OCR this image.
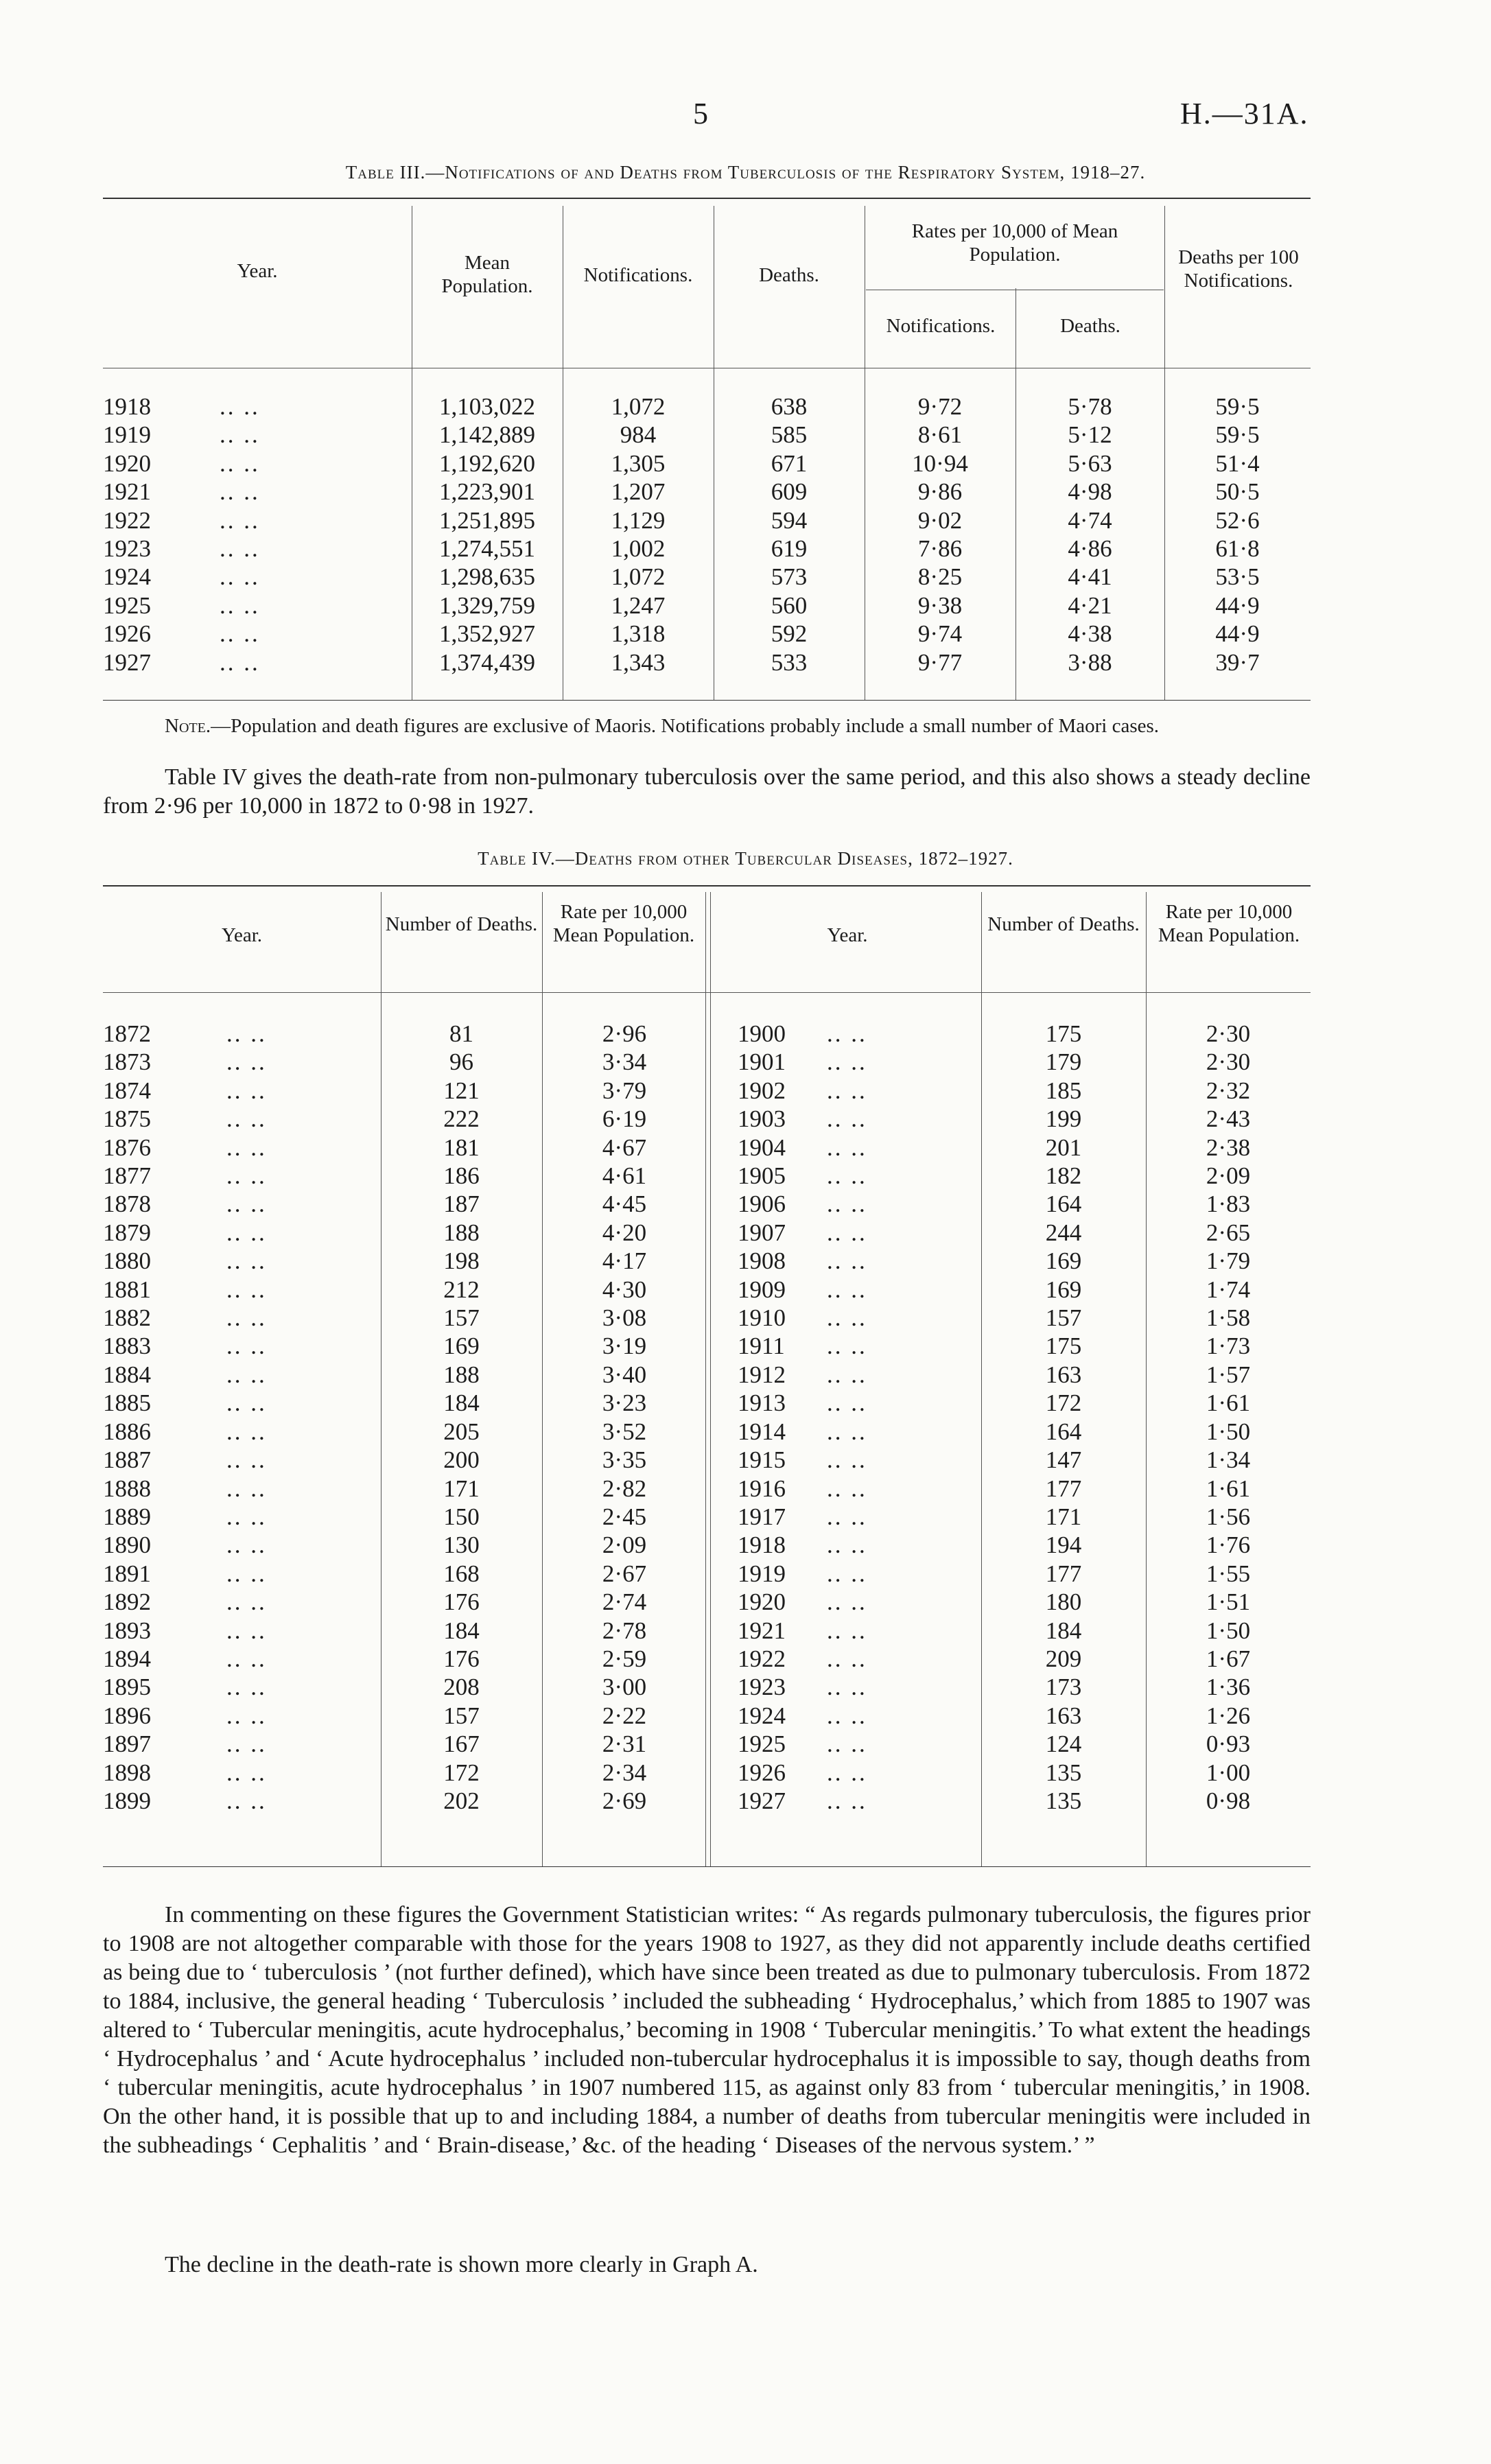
5	H.—31A.
Table III.—Notifications of and Deaths from Tuberculosis of the Respiratory System, 1918–27.
Year.	Mean Population.	Notifications.	Deaths.
Rates per 10,000 of Mean Population.
Notifications.	Deaths.
Deaths per 100 Notifications.
1918	.. ..	1,103,022	1,072	638	9·72	5·78	59·5
1919	.. ..	1,142,889	984	585	8·61	5·12	59·5
1920	.. ..	1,192,620	1,305	671	10·94	5·63	51·4
1921	.. ..	1,223,901	1,207	609	9·86	4·98	50·5
1922	.. ..	1,251,895	1,129	594	9·02	4·74	52·6
1923	.. ..	1,274,551	1,002	619	7·86	4·86	61·8
1924	.. ..	1,298,635	1,072	573	8·25	4·41	53·5
1925	.. ..	1,329,759	1,247	560	9·38	4·21	44·9
1926	.. ..	1,352,927	1,318	592	9·74	4·38	44·9
1927	.. ..	1,374,439	1,343	533	9·77	3·88	39·7
Note.—Population and death figures are exclusive of Maoris. Notifications probably include a small number of Maori cases.
Table IV gives the death-rate from non-pulmonary tuberculosis over the same period, and this also shows a steady decline from 2·96 per 10,000 in 1872 to 0·98 in 1927.
Table IV.—Deaths from other Tubercular Diseases, 1872–1927.
Year.	Number of Deaths.
Rate per 10,000 Mean Population.	Year.	Number of Deaths.
Rate per 10,000 Mean Population.
1872	.. ..	81	2·96
1873	.. ..	96	3·34
1874	.. ..	121	3·79
1875	.. ..	222	6·19
1876	.. ..	181	4·67
1877	.. ..	186	4·61
1878	.. ..	187	4·45
1879	.. ..	188	4·20
1880	.. ..	198	4·17
1881	.. ..	212	4·30
1882	.. ..	157	3·08
1883	.. ..	169	3·19
1884	.. ..	188	3·40
1885	.. ..	184	3·23
1886	.. ..	205	3·52
1887	.. ..	200	3·35
1888	.. ..	171	2·82
1889	.. ..	150	2·45
1890	.. ..	130	2·09
1891	.. ..	168	2·67
1892	.. ..	176	2·74
1893	.. ..	184	2·78
1894	.. ..	176	2·59
1895	.. ..	208	3·00
1896	.. ..	157	2·22
1897	.. ..	167	2·31
1898	.. ..	172	2·34
1899	.. ..	202	2·69
1900	.. ..	175	2·30
1901	.. ..	179	2·30
1902	.. ..	185	2·32
1903	.. ..	199	2·43
1904	.. ..	201	2·38
1905	.. ..	182	2·09
1906	.. ..	164	1·83
1907	.. ..	244	2·65
1908	.. ..	169	1·79
1909	.. ..	169	1·74
1910	.. ..	157	1·58
1911	.. ..	175	1·73
1912	.. ..	163	1·57
1913	.. ..	172	1·61
1914	.. ..	164	1·50
1915	.. ..	147	1·34
1916	.. ..	177	1·61
1917	.. ..	171	1·56
1918	.. ..	194	1·76
1919	.. ..	177	1·55
1920	.. ..	180	1·51
1921	.. ..	184	1·50
1922	.. ..	209	1·67
1923	.. ..	173	1·36
1924	.. ..	163	1·26
1925	.. ..	124	0·93
1926	.. ..	135	1·00
1927	.. ..	135	0·98
In commenting on these figures the Government Statistician writes: “ As regards pulmonary tuberculosis, the figures prior to 1908 are not altogether comparable with those for the years 1908 to 1927, as they did not apparently include deaths certified as being due to ‘ tuberculosis ’ (not further defined), which have since been treated as due to pulmonary tuberculosis. From 1872 to 1884, inclusive, the general heading ‘ Tuberculosis ’ included the subheading ‘ Hydrocephalus,’ which from 1885 to 1907 was altered to ‘ Tubercular meningitis, acute hydrocephalus,’ becoming in 1908 ‘ Tubercular meningitis.’ To what extent the headings ‘ Hydrocephalus ’ and ‘ Acute hydrocephalus ’ included non-tubercular hydrocephalus it is impossible to say, though deaths from ‘ tubercular meningitis, acute hydrocephalus ’ in 1907 numbered 115, as against only 83 from ‘ tubercular meningitis,’ in 1908. On the other hand, it is possible that up to and including 1884, a number of deaths from tubercular meningitis were included in the subheadings ‘ Cephalitis ’ and ‘ Brain-disease,’ &c. of the heading ‘ Diseases of the nervous system.’ ”
The decline in the death-rate is shown more clearly in Graph A.
